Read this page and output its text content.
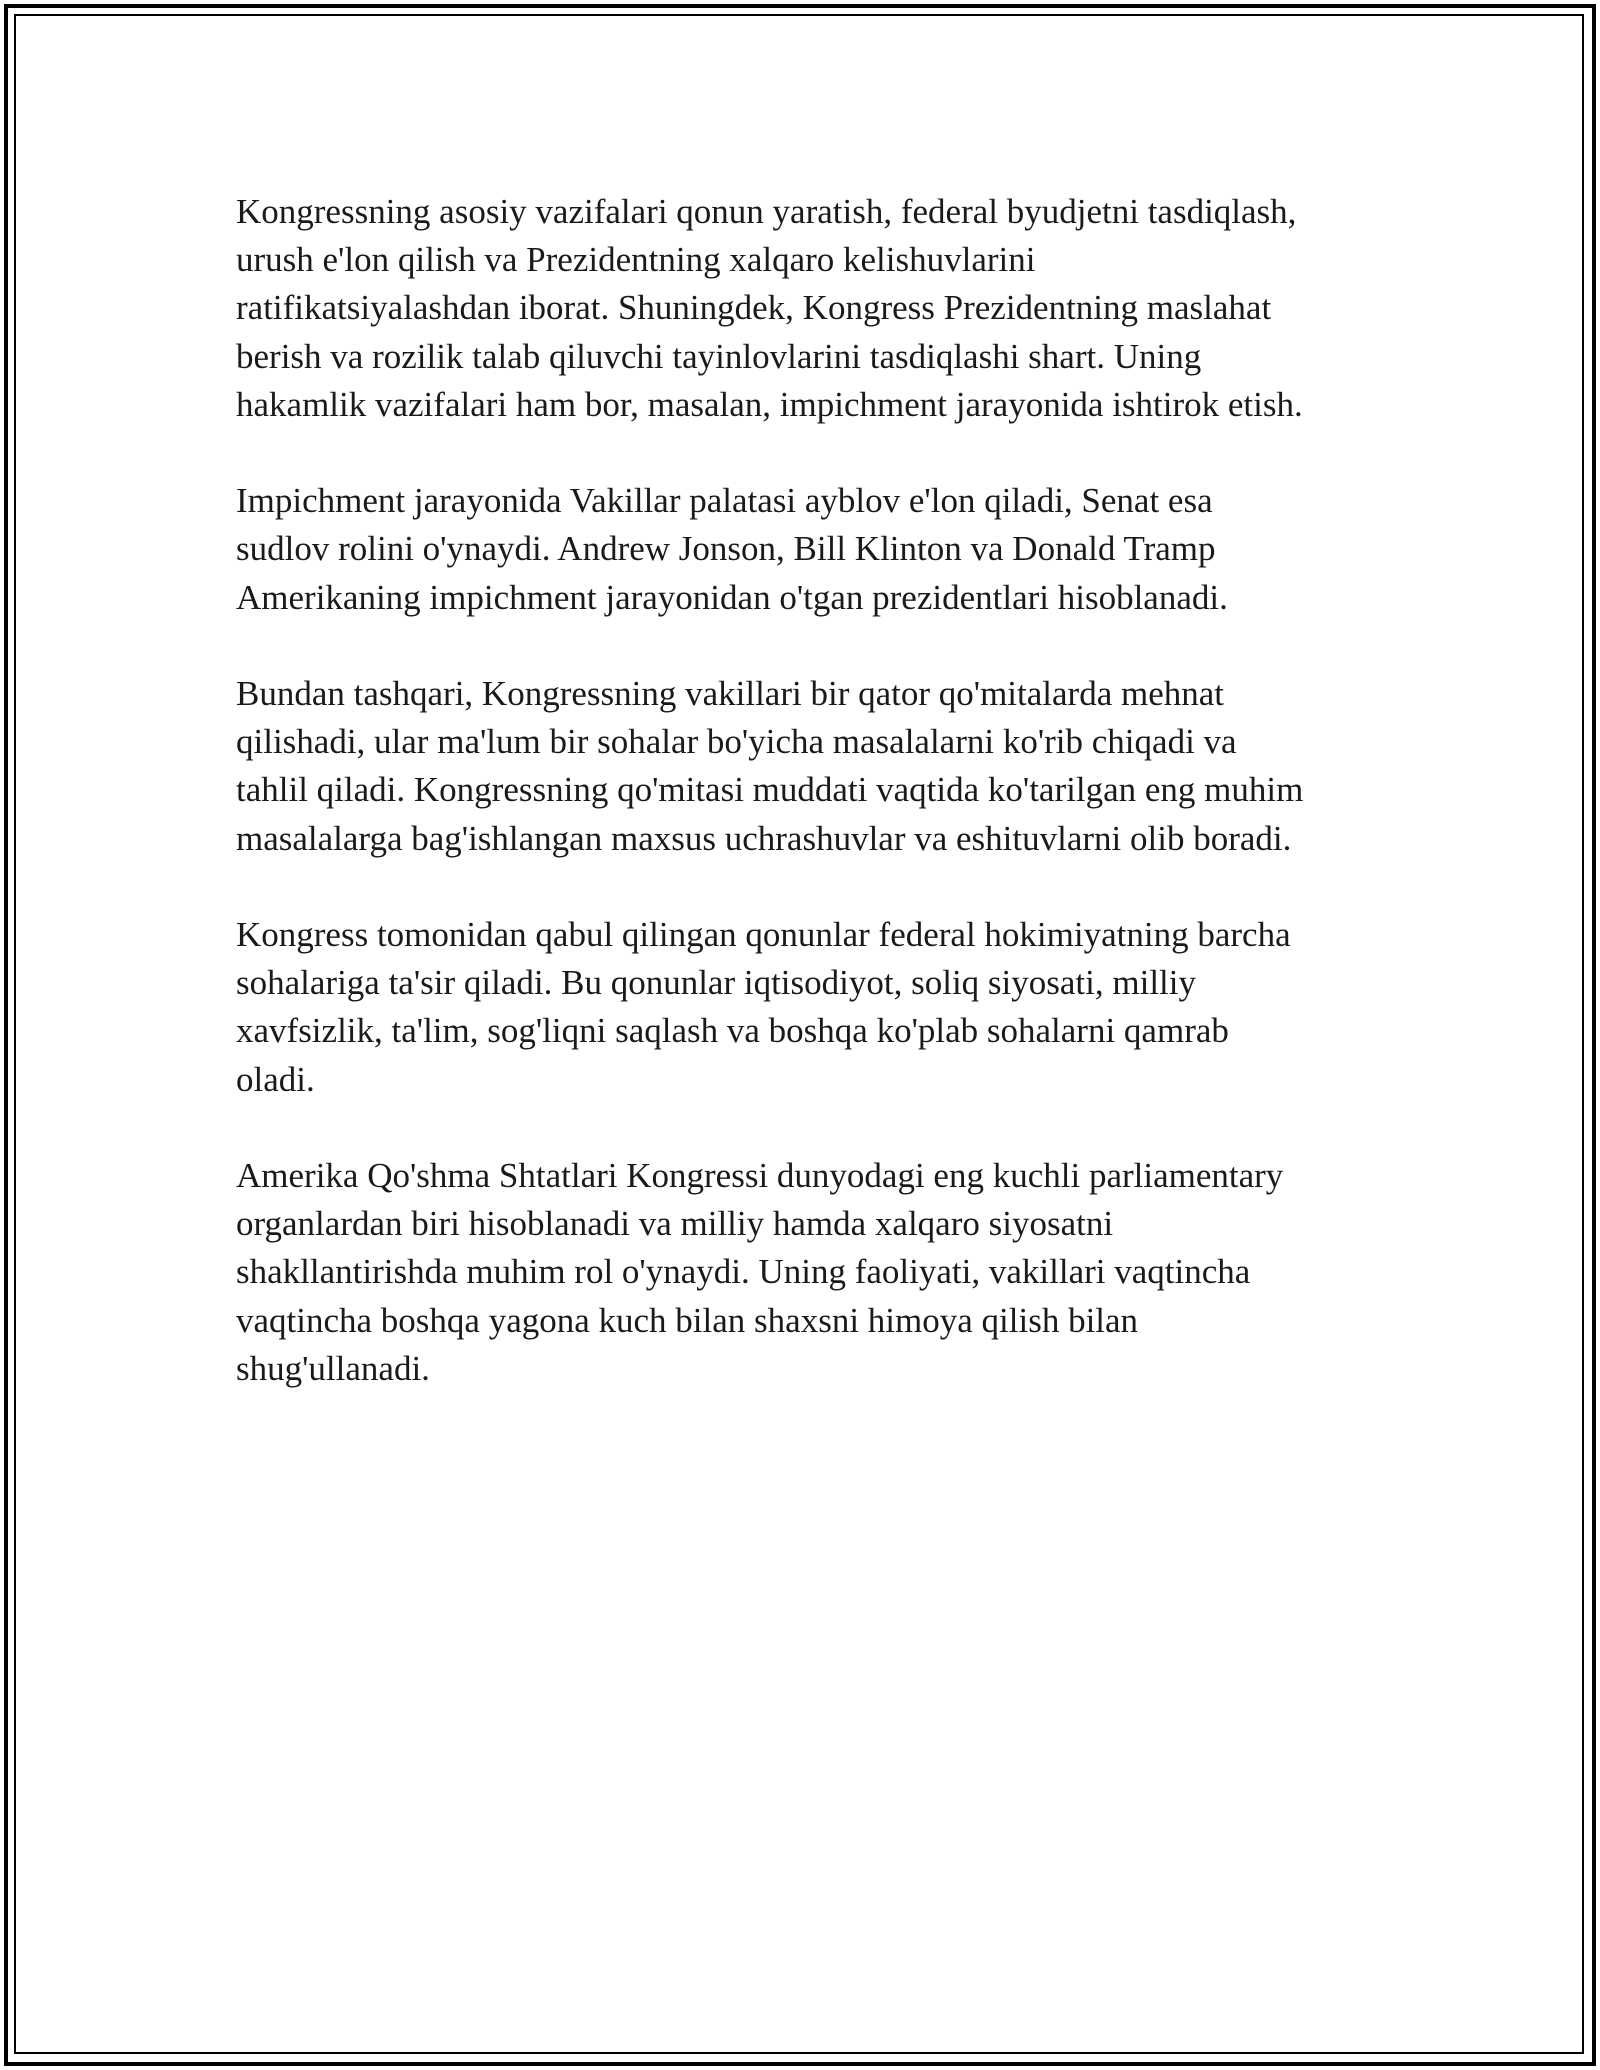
Kongressning asosiy vazifalari qonun yaratish, federal byudjetni tasdiqlash,
urush e'lon qilish va Prezidentning xalqaro kelishuvlarini
ratifikatsiyalashdan iborat. Shuningdek, Kongress Prezidentning maslahat
berish va rozilik talab qiluvchi tayinlovlarini tasdiqlashi shart. Uning
hakamlik vazifalari ham bor, masalan, impichment jarayonida ishtirok etish.

Impichment jarayonida Vakillar palatasi ayblov e'lon qiladi, Senat esa
sudlov rolini o'ynaydi. Andrew Jonson, Bill Klinton va Donald Tramp
Amerikaning impichment jarayonidan o'tgan prezidentlari hisoblanadi.

Bundan tashqari, Kongressning vakillari bir qator qo'mitalarda mehnat
qilishadi, ular ma'lum bir sohalar bo'yicha masalalarni ko'rib chiqadi va
tahlil qiladi. Kongressning qo'mitasi muddati vaqtida ko'tarilgan eng muhim
masalalarga bag'ishlangan maxsus uchrashuvlar va eshituvlarni olib boradi.

Kongress tomonidan qabul qilingan qonunlar federal hokimiyatning barcha
sohalariga ta'sir qiladi. Bu qonunlar iqtisodiyot, soliq siyosati, milliy
xavfsizlik, ta'lim, sog'liqni saqlash va boshqa ko'plab sohalarni qamrab
oladi.

Amerika Qo'shma Shtatlari Kongressi dunyodagi eng kuchli parliamentary
organlardan biri hisoblanadi va milliy hamda xalqaro siyosatni
shakllantirishda muhim rol o'ynaydi. Uning faoliyati, vakillari vaqtincha
vaqtincha boshqa yagona kuch bilan shaxsni himoya qilish bilan
shug'ullanadi.
